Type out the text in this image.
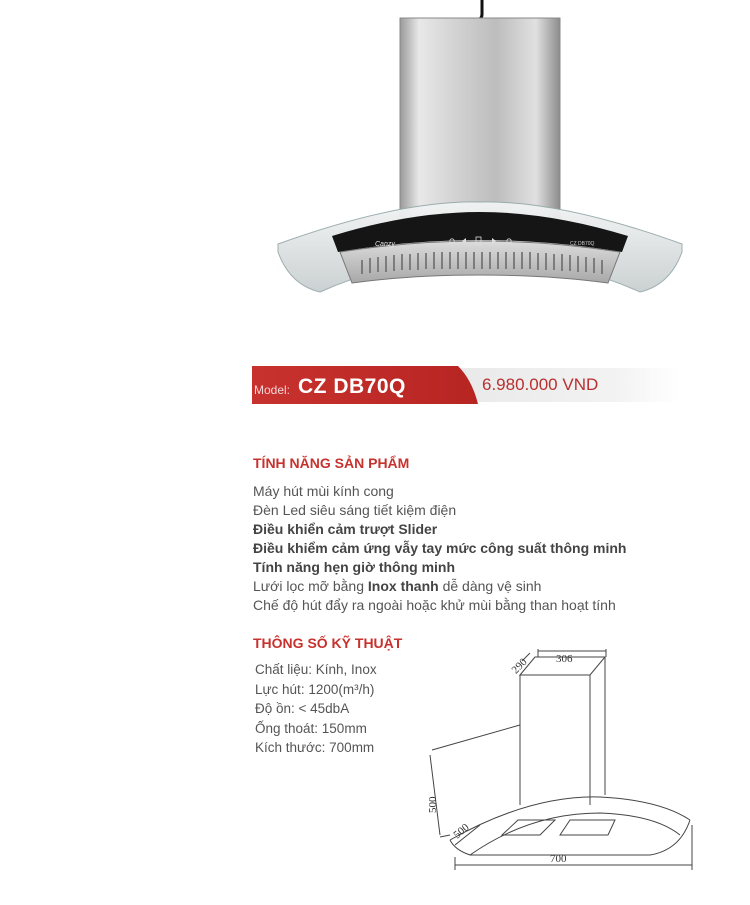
Canzy	CZ DB70Q
Model: CZ DB70Q	6.980.000 VND
TÍNH NĂNG SẢN PHẨM
Máy hút mùi kính cong
Đèn Led siêu sáng tiết kiệm điện
Điều khiển cảm trượt Slider
Điều khiểm cảm ứng vẫy tay mức công suất thông minh
Tính năng hẹn giờ thông minh
Lưới lọc mỡ bằng Inox thanh dễ dàng vệ sinh
Chế độ hút đẩy ra ngoài hoặc khử mùi bằng than hoạt tính
THÔNG SỐ KỸ THUẬT
Chất liệu: Kính, Inox
Lực hút: 1200(m³/h)
Độ ồn: < 45dbA
Ống thoát: 150mm
Kích thước: 700mm
290 306
500
500
700
